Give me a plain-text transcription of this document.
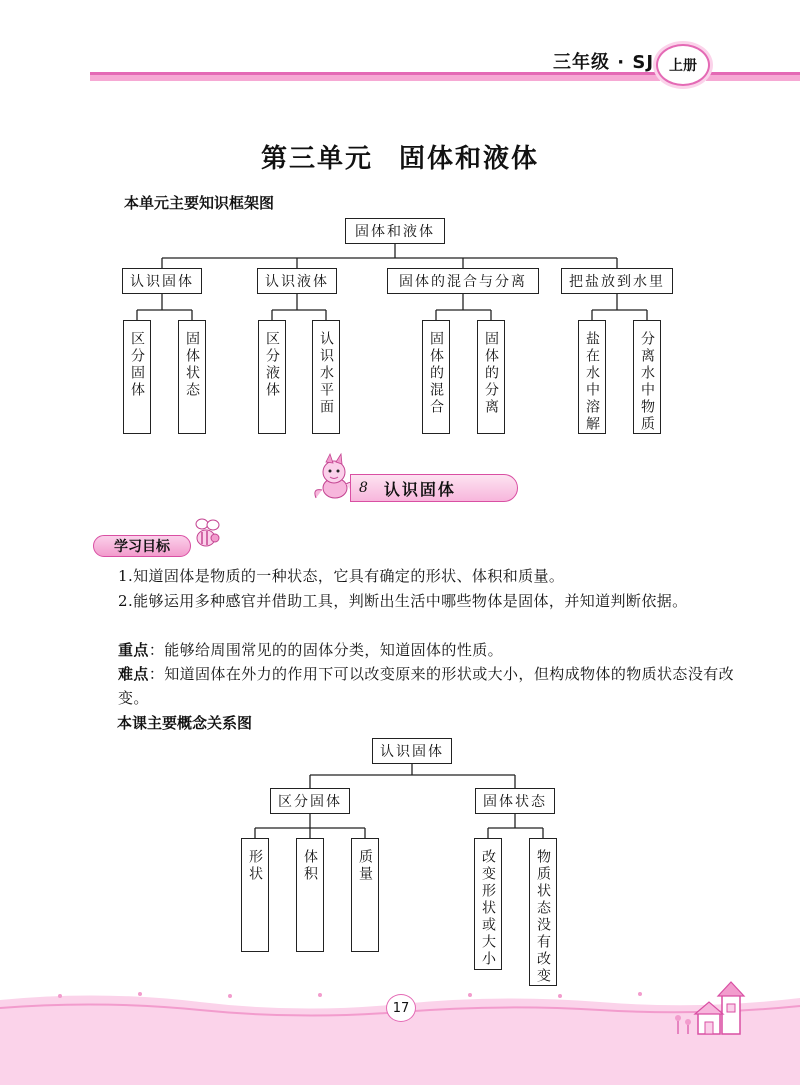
三年级 · SJ	上册
第三单元 固体和液体
本单元主要知识框架图
固体和液体
认识固体	认识液体	固体的混合与分离	把盐放到水里
区分固体	固体状态	区分液体	认识水平面	固体的混合	固体的分离	盐在水中溶解	分离水中物质
8 认识固体
学习目标
1.知道固体是物质的一种状态，它具有确定的形状、体积和质量。
2.能够运用多种感官并借助工具，判断出生活中哪些物体是固体，并知道判断依据。
重点：能够给周围常见的的固体分类，知道固体的性质。
难点：知道固体在外力的作用下可以改变原来的形状或大小，但构成物体的物质状态没有改变。
本课主要概念关系图
认识固体
区分固体	固体状态
形状	体积	质量	改变形状或大小	物质状态没有改变
17
